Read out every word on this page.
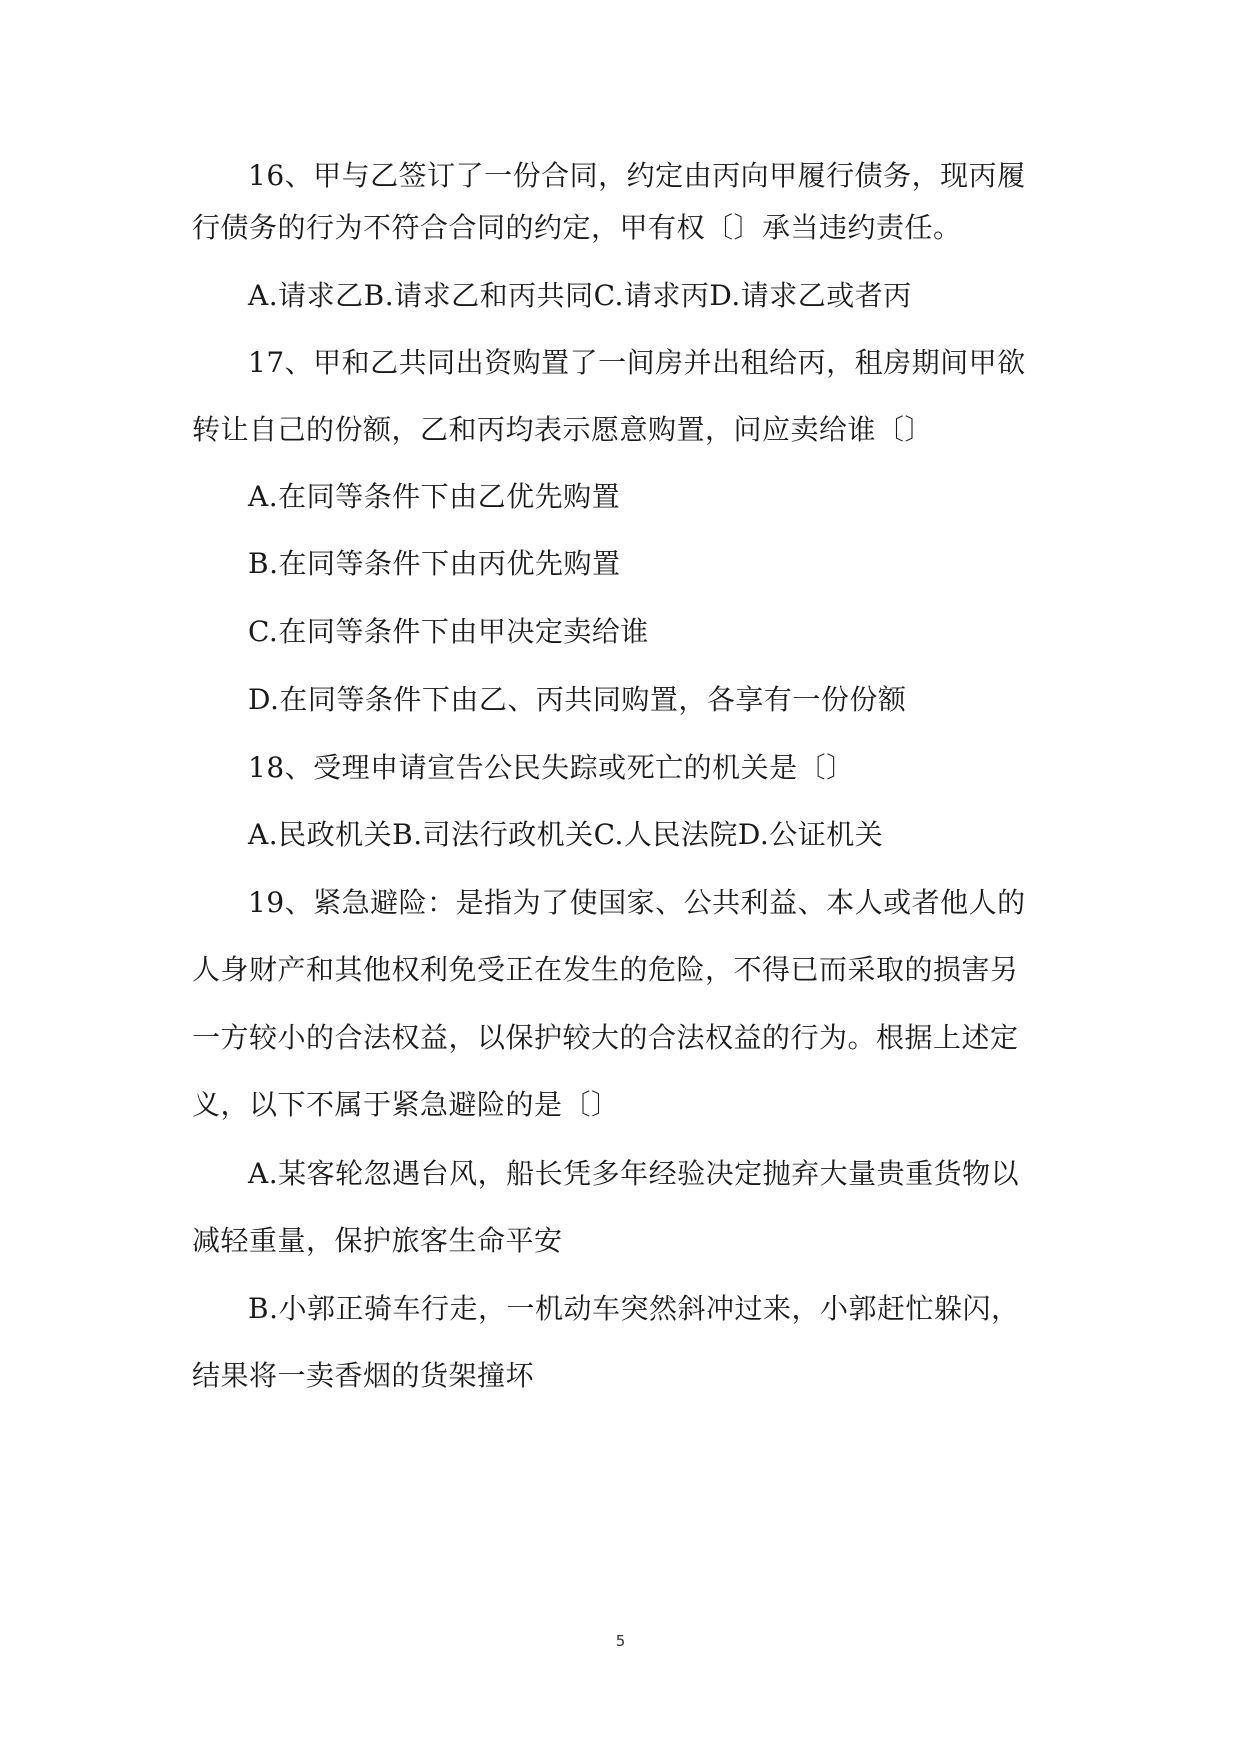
16、甲与乙签订了一份合同，约定由丙向甲履行债务，现丙履
行债务的行为不符合合同的约定，甲有权〔〕承当违约责任。
A.请求乙B.请求乙和丙共同C.请求丙D.请求乙或者丙
17、甲和乙共同出资购置了一间房并出租给丙，租房期间甲欲
转让自己的份额，乙和丙均表示愿意购置，问应卖给谁〔〕
A.在同等条件下由乙优先购置
B.在同等条件下由丙优先购置
C.在同等条件下由甲决定卖给谁
D.在同等条件下由乙、丙共同购置，各享有一份份额
18、受理申请宣告公民失踪或死亡的机关是〔〕
A.民政机关B.司法行政机关C.人民法院D.公证机关
19、紧急避险：是指为了使国家、公共利益、本人或者他人的
人身财产和其他权利免受正在发生的危险，不得已而采取的损害另
一方较小的合法权益，以保护较大的合法权益的行为。根据上述定
义，以下不属于紧急避险的是〔〕
A.某客轮忽遇台风，船长凭多年经验决定抛弃大量贵重货物以
减轻重量，保护旅客生命平安
B.小郭正骑车行走，一机动车突然斜冲过来，小郭赶忙躲闪，
结果将一卖香烟的货架撞坏
5
